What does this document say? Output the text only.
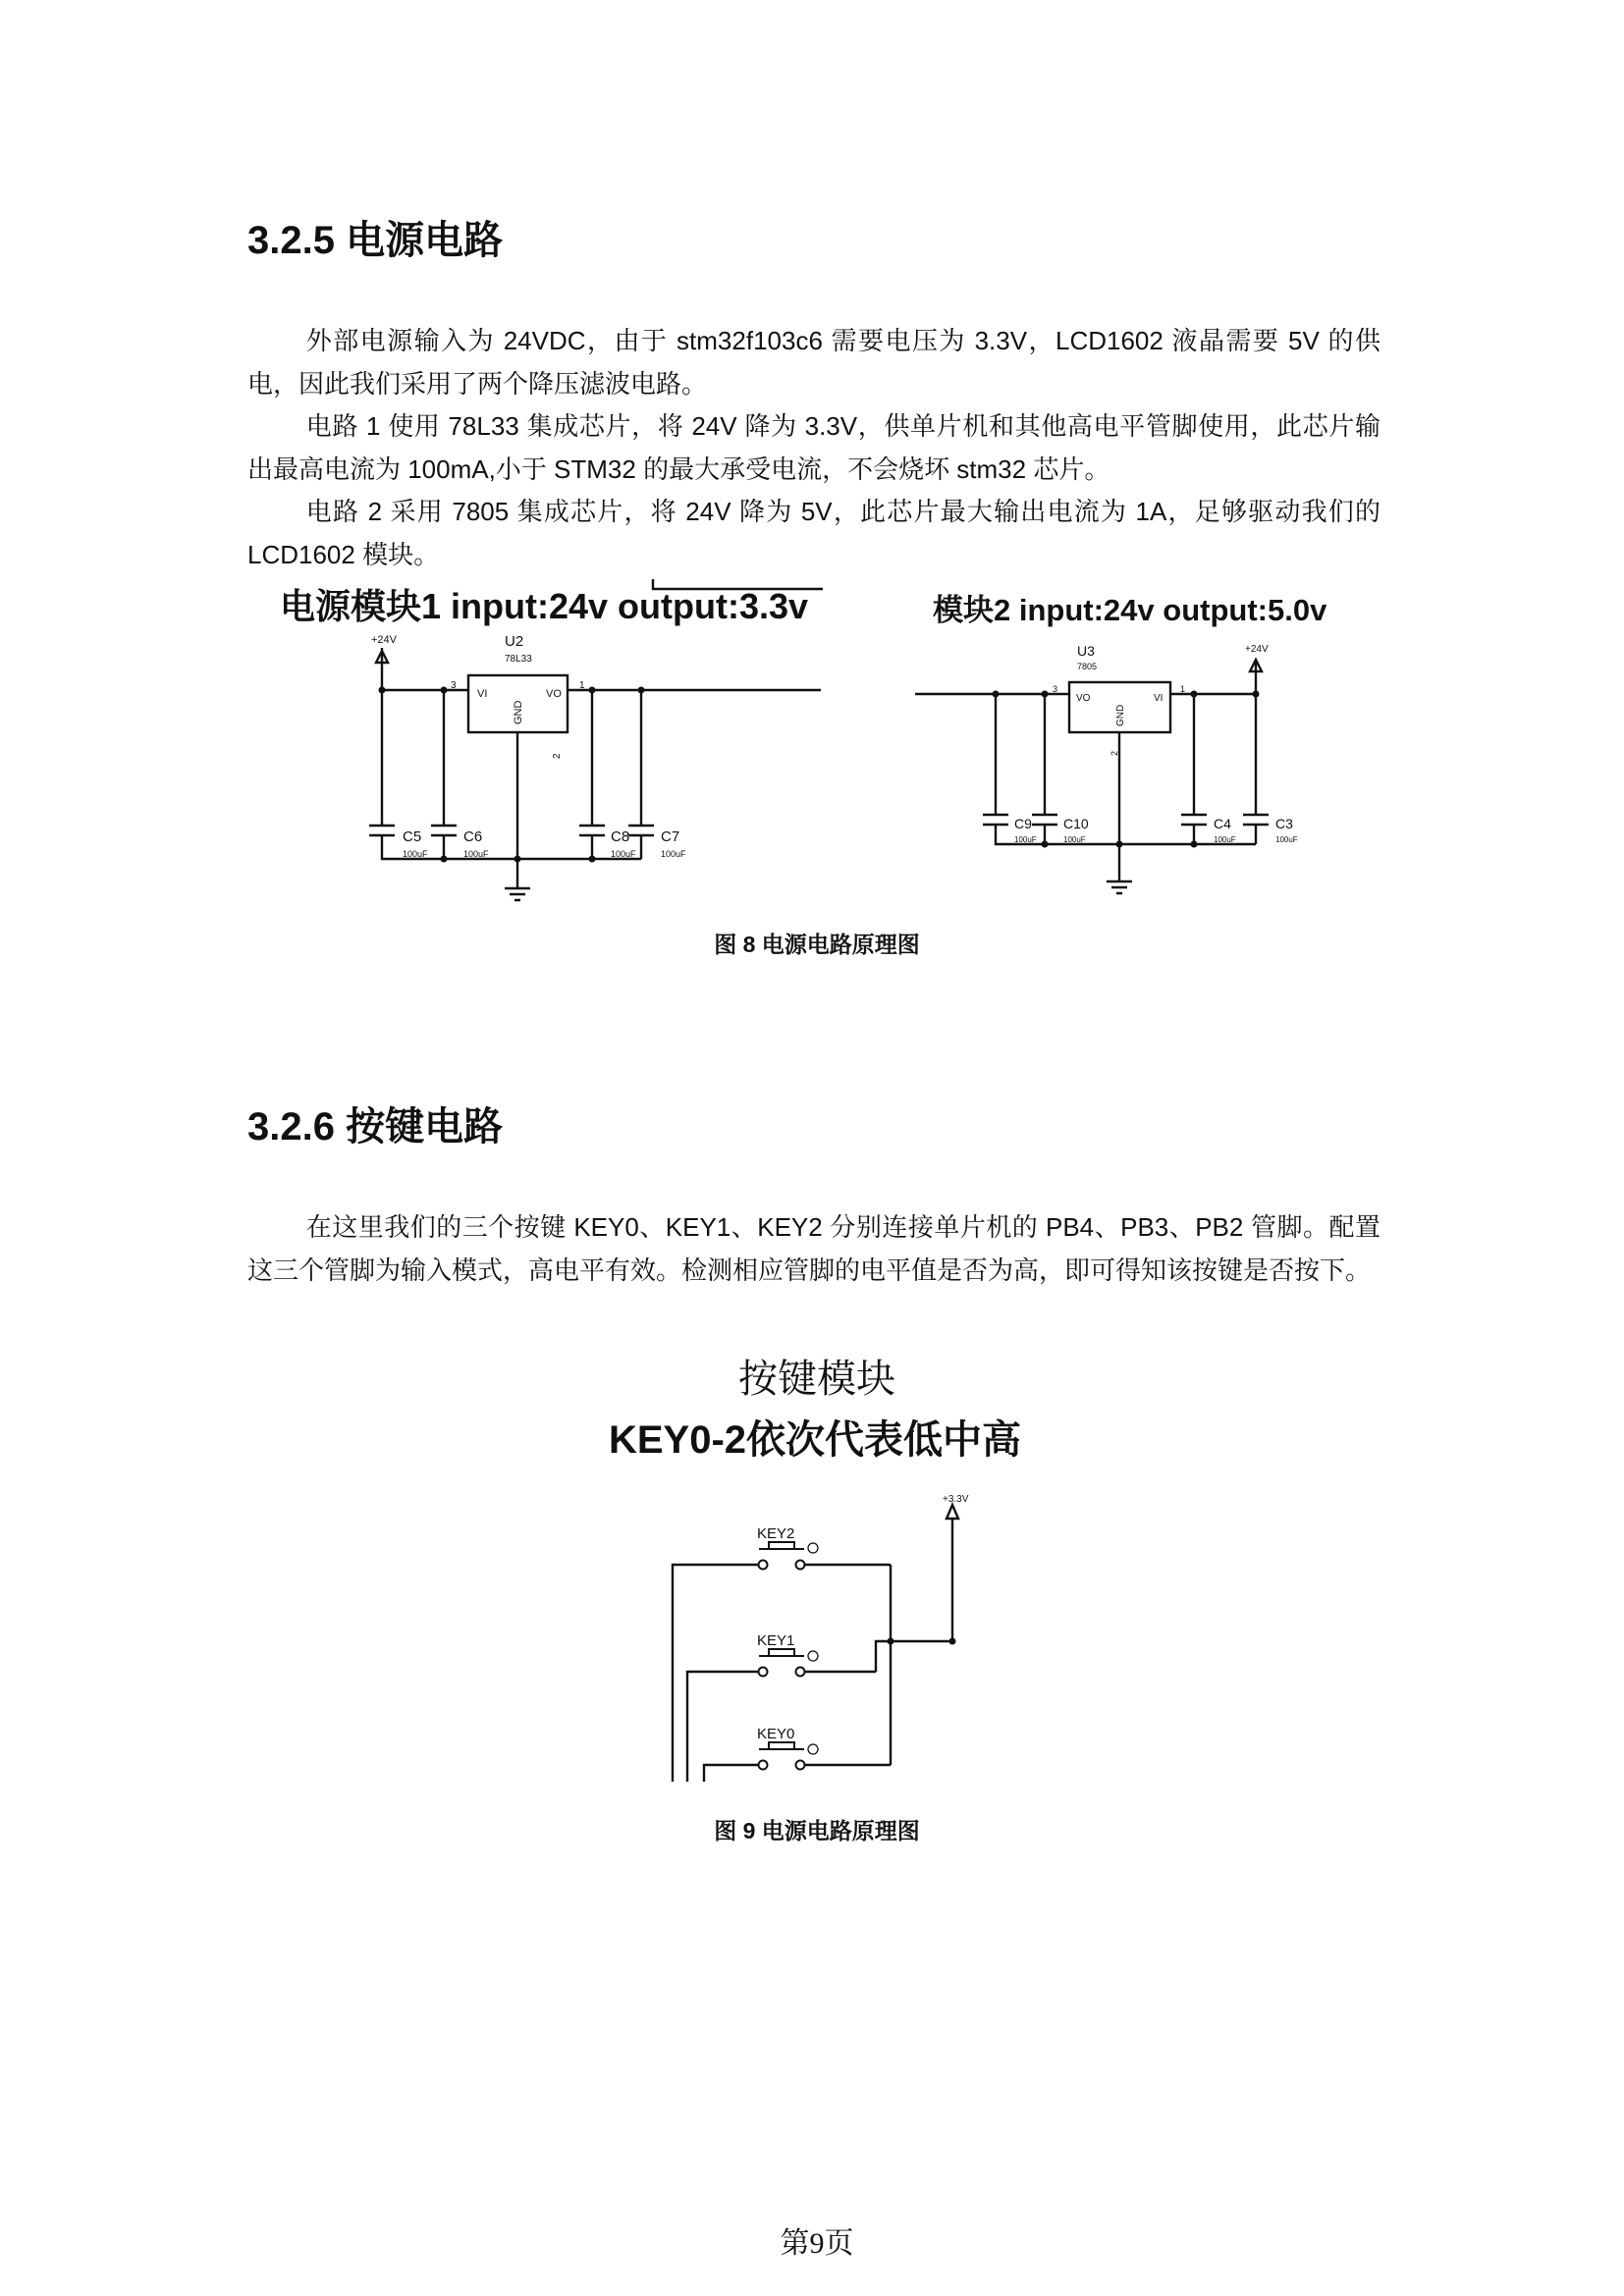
3.2.5 电源电路

外部电源输入为 24VDC，由于 stm32f103c6 需要电压为 3.3V，LCD1602 液晶需要 5V 的供电，因此我们采用了两个降压滤波电路。

电路 1 使用 78L33 集成芯片，将 24V 降为 3.3V，供单片机和其他高电平管脚使用，此芯片输出最高电流为 100mA,小于 STM32 的最大承受电流，不会烧坏 stm32 芯片。

电路 2 采用 7805 集成芯片，将 24V 降为 5V，此芯片最大输出电流为 1A，足够驱动我们的 LCD1602 模块。

电源模块1 input:24v output:3.3v
+24V	U2
78L33
VI	VO
GND
3	1
2
C5
100uF
C6
100uF
C8
100uF
C7
100uF
模块2 input:24v output:5.0v
+24V
U3
7805
VO	VI
GND
3	1
2
C9
100uF
C10
100uF
C4
100uF
C3
100uF
按键模块
KEY0-2依次代表低中高
+3.3V
KEY2
KEY1
KEY0
图 8 电源电路原理图
3.2.6 按键电路

在这里我们的三个按键 KEY0、KEY1、KEY2 分别连接单片机的 PB4、PB3、PB2 管脚。配置这三个管脚为输入模式，高电平有效。检测相应管脚的电平值是否为高，即可得知该按键是否按下。

图 9 电源电路原理图
第9页
